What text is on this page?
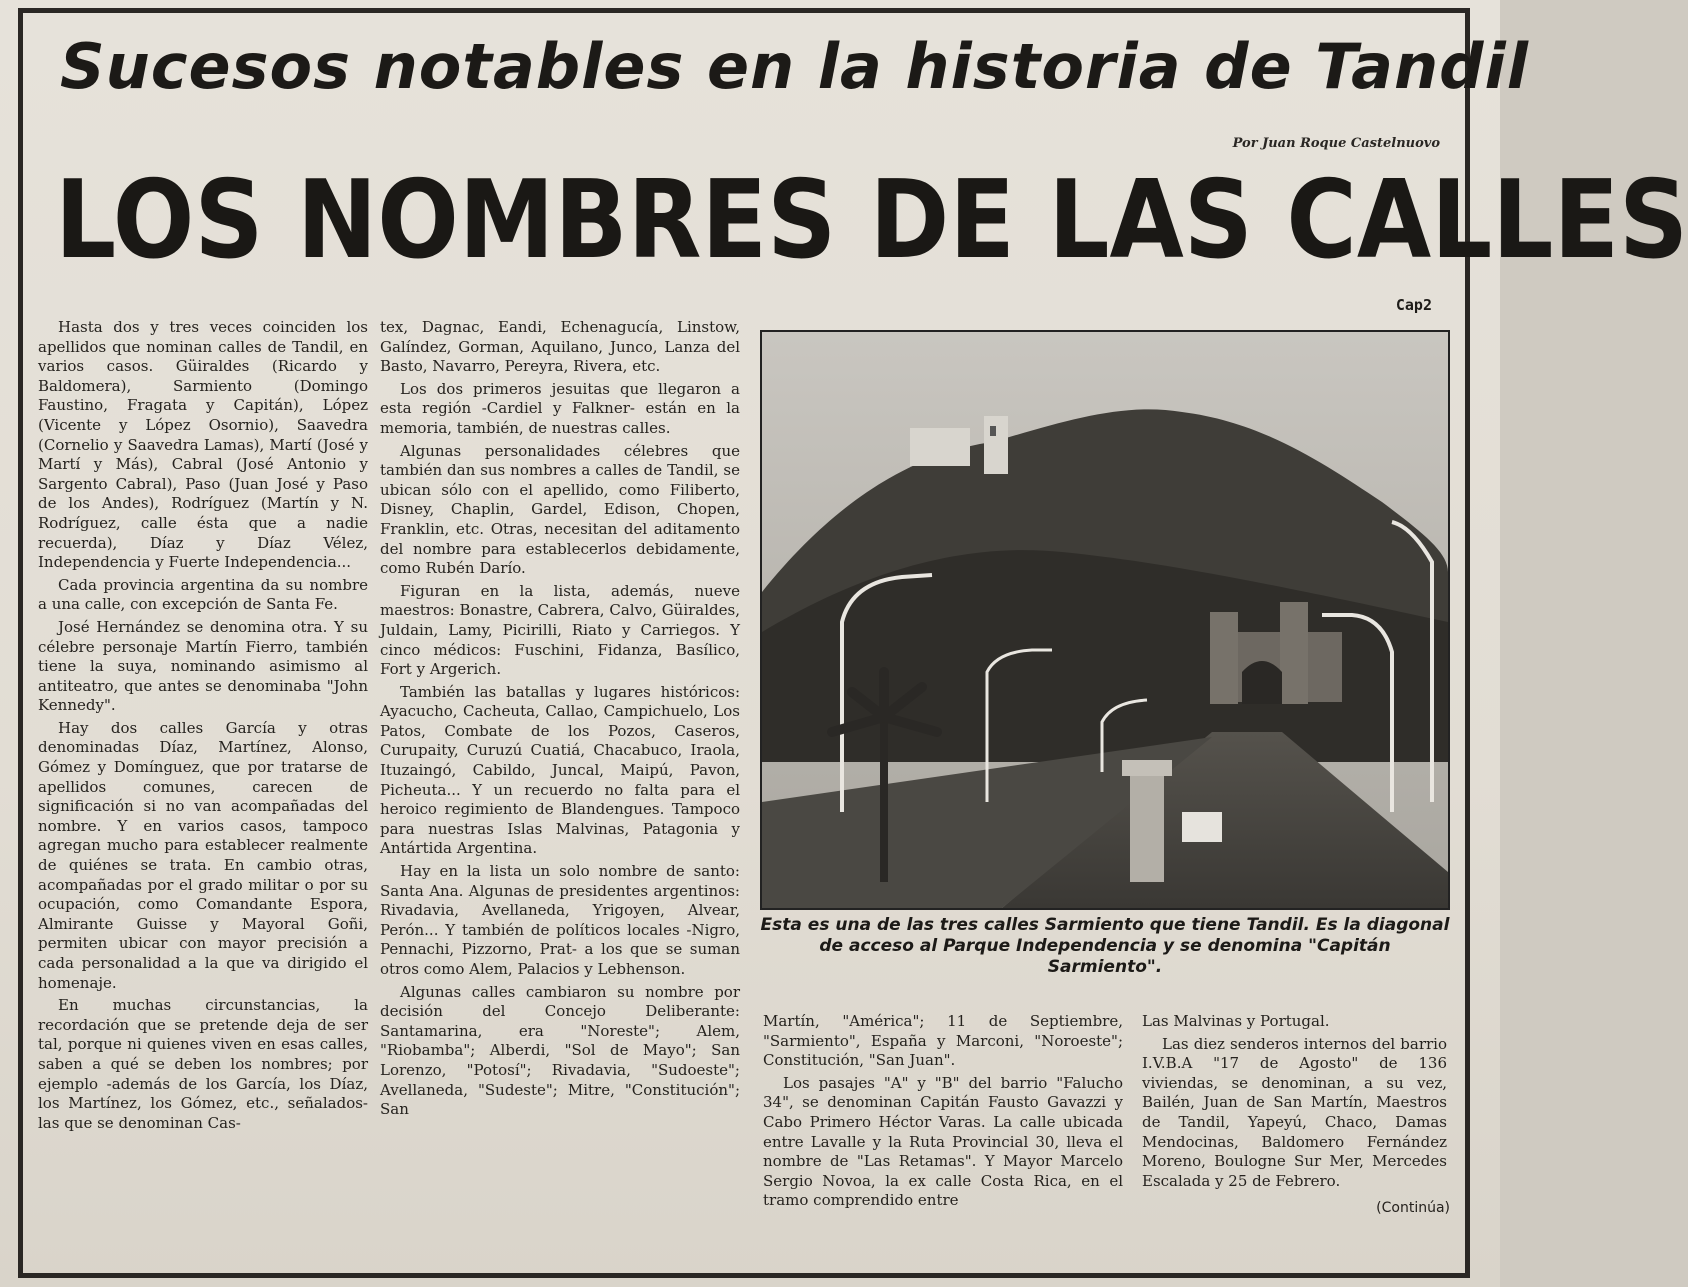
Sucesos notables en la historia de Tandil
Por Juan Roque Castelnuovo
LOS NOMBRES DE LAS CALLES
Cap2

Hasta dos y tres veces coinciden los apellidos que nominan calles de Tandil, en varios casos. Güiraldes (Ricardo y Baldomera), Sarmiento (Domingo Faustino, Fragata y Capitán), López (Vicente y López Osornio), Saavedra (Cornelio y Saavedra Lamas), Martí (José y Martí y Más), Cabral (José Antonio y Sargento Cabral), Paso (Juan José y Paso de los Andes), Rodríguez (Martín y N. Rodríguez, calle ésta que a nadie recuerda), Díaz y Díaz Vélez, Independencia y Fuerte Independencia...

Cada provincia argentina da su nombre a una calle, con excepción de Santa Fe.

José Hernández se denomina otra. Y su célebre personaje Martín Fierro, también tiene la suya, nominando asimismo al antiteatro, que antes se denominaba "John Kennedy".

Hay dos calles García y otras denominadas Díaz, Martínez, Alonso, Gómez y Domínguez, que por tratarse de apellidos comunes, carecen de significación si no van acompañadas del nombre. Y en varios casos, tampoco agregan mucho para establecer realmente de quiénes se trata. En cambio otras, acompañadas por el grado militar o por su ocupación, como Comandante Espora, Almirante Guisse y Mayoral Goñi, permiten ubicar con mayor precisión a cada personalidad a la que va dirigido el homenaje.

En muchas circunstancias, la recordación que se pretende deja de ser tal, porque ni quienes viven en esas calles, saben a qué se deben los nombres; por ejemplo -además de los García, los Díaz, los Martínez, los Gómez, etc., señalados- las que se denominan Cas-

tex, Dagnac, Eandi, Echenagucía, Linstow, Galíndez, Gorman, Aquilano, Junco, Lanza del Basto, Navarro, Pereyra, Rivera, etc.

Los dos primeros jesuitas que llegaron a esta región -Cardiel y Falkner- están en la memoria, también, de nuestras calles.

Algunas personalidades célebres que también dan sus nombres a calles de Tandil, se ubican sólo con el apellido, como Filiberto, Disney, Chaplin, Gardel, Edison, Chopen, Franklin, etc. Otras, necesitan del aditamento del nombre para establecerlos debidamente, como Rubén Darío.

Figuran en la lista, además, nueve maestros: Bonastre, Cabrera, Calvo, Güiraldes, Juldain, Lamy, Picirilli, Riato y Carriegos. Y cinco médicos: Fuschini, Fidanza, Basílico, Fort y Argerich.

También las batallas y lugares históricos: Ayacucho, Cacheuta, Callao, Campichuelo, Los Patos, Combate de los Pozos, Caseros, Curupaity, Curuzú Cuatiá, Chacabuco, Iraola, Ituzaingó, Cabildo, Juncal, Maipú, Pavon, Picheuta... Y un recuerdo no falta para el heroico regimiento de Blandengues. Tampoco para nuestras Islas Malvinas, Patagonia y Antártida Argentina.

Hay en la lista un solo nombre de santo: Santa Ana. Algunas de presidentes argentinos: Rivadavia, Avellaneda, Yrigoyen, Alvear, Perón... Y también de políticos locales -Nigro, Pennachi, Pizzorno, Prat- a los que se suman otros como Alem, Palacios y Lebhenson.

Algunas calles cambiaron su nombre por decisión del Concejo Deliberante: Santamarina, era "Noreste"; Alem, "Riobamba"; Alberdi, "Sol de Mayo"; San Lorenzo, "Potosí"; Rivadavia, "Sudoeste"; Avellaneda, "Sudeste"; Mitre, "Constitución"; San

Esta es una de las tres calles Sarmiento que tiene Tandil. Es la diagonal de acceso al Parque Independencia y se denomina "Capitán Sarmiento".

Martín, "América"; 11 de Septiembre, "Sarmiento", España y Marconi, "Noroeste"; Constitución, "San Juan".

Los pasajes "A" y "B" del barrio "Falucho 34", se denominan Capitán Fausto Gavazzi y Cabo Primero Héctor Varas. La calle ubicada entre Lavalle y la Ruta Provincial 30, lleva el nombre de "Las Retamas". Y Mayor Marcelo Sergio Novoa, la ex calle Costa Rica, en el tramo comprendido entre

Las Malvinas y Portugal.

Las diez senderos internos del barrio I.V.B.A "17 de Agosto" de 136 viviendas, se denominan, a su vez, Bailén, Juan de San Martín, Maestros de Tandil, Yapeyú, Chaco, Damas Mendocinas, Baldomero Fernández Moreno, Boulogne Sur Mer, Mercedes Escalada y 25 de Febrero.

(Continúa)
